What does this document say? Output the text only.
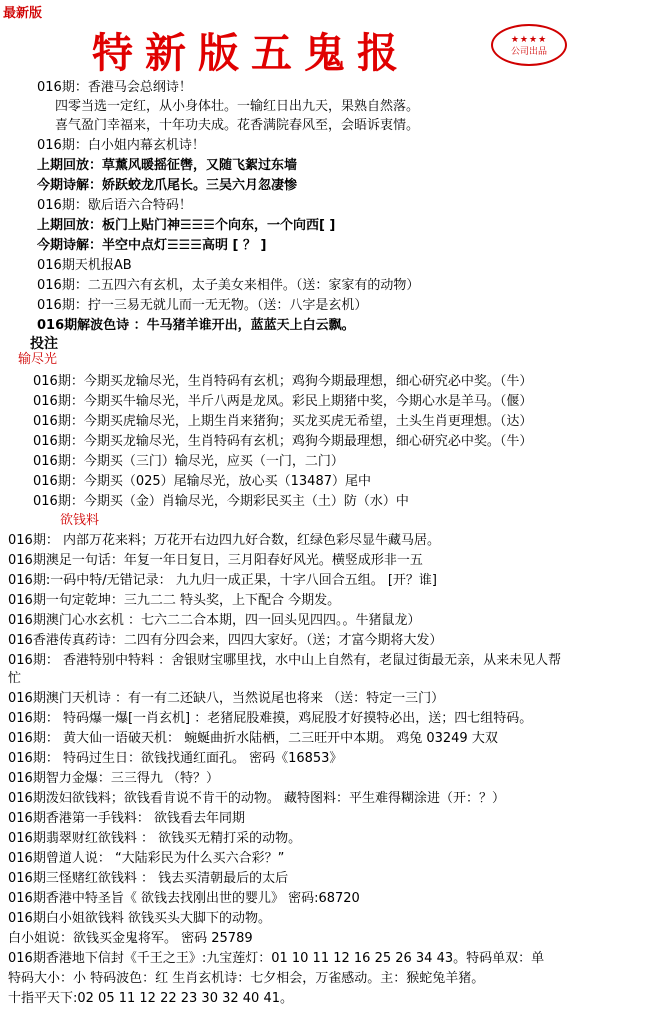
最新版
特新版五鬼报	★★★★
公司出品
016期：香港马会总纲诗！
四零当选一定红，从小身体壮。一输红日出九天，果熟自然落。
喜气盈门幸福来，十年功夫成。花香满院春风至，会晤诉衷情。
016期：白小姐内幕玄机诗！
上期回放：草薰风暖摇征辔，又随飞絮过东墙
今期诗解：娇跃蛟龙爪尾长。三吴六月忽凄惨
016期：歇后语六合特码！
上期回放：板门上贴门神☰☰☰个向东，一个向西[ ]
今期诗解：半空中点灯☰☰☰高明 [ ？ ]
016期天机报AB
016期：二五四六有玄机，太子美女来相伴。（送：家家有的动物）
016期：拧一三易无就儿而一无无物。（送：八字是玄机）
016期解波色诗 ：牛马猪羊谁开出，蓝蓝天上白云飘。
投注
输尽光
016期：今期买龙输尽光，生肖特码有玄机；鸡狗今期最理想，细心研究必中奖。（牛）
016期：今期买牛输尽光，半斤八两是龙凤。彩民上期猪中奖，今期心水是羊马。（偃）
016期：今期买虎输尽光，上期生肖来猪狗；买龙买虎无希望，土头生肖更理想。（达）
016期：今期买龙输尽光，生肖特码有玄机；鸡狗今期最理想，细心研究必中奖。（牛）
016期：今期买（三门）输尽光，应买（一门，二门）
016期：今期买（025）尾输尽光，放心买（13487）尾中
016期：今期买（金）肖输尽光，今期彩民买主（土）防（水）中
欲钱料
016期： 内部万花来料；万花开右边四九好合数，红绿色彩尽显牛藏马居。
016期澳足一句话：年复一年日复日，三月阳春好风光。横竖成形非一五
016期:一码中特/无错记录： 九九归一成正果，十字八回合五组。 [开？谁]
016期一句定乾坤：三九二二 特头奖，上下配合 今期发。
016期澳门心水玄机 ：七六二二合本期，四一回头见四四。。牛猪鼠龙）
016香港传真药诗：二四有分四会来，四四大家好。（送；才富今期将大发）
016期： 香港特别中特料 ：舍银财宝哪里找，水中山上自然有，老鼠过街最无亲，从来未见人帮
忙
016期澳门天机诗 ：有一有二还缺八，当然说尾也将来 （送：特定一三门）
016期： 特码爆一爆[一肖玄机] ：老猪屁股难摸，鸡屁股才好摸特必出，送；四七组特码。
016期： 黄大仙一语破天机： 蜿蜒曲折水陆栖，二三旺开中本期。 鸡兔 03249 大双
016期： 特码过生日：欲钱找通红面孔。 密码《16853》
016期智力金爆：三三得九 （特？）
016期泼妇欲钱料；欲钱看肯说不肯干的动物。 藏特图料：平生难得糊涂进（开：？）
016期香港第一手钱料： 欲钱看去年同期
016期翡翠财红欲钱料 ： 欲钱买无精打采的动物。
016期曾道人说： “大陆彩民为什么买六合彩？”
016期三怪赌红欲钱料 ： 钱去买清朝最后的太后
016期香港中特圣旨《 欲钱去找刚出世的婴儿》 密码:68720
016期白小姐欲钱料 欲钱买头大脚下的动物。
白小姐说：欲钱买金鬼将军。 密码 25789
016期香港地下信封《千王之王》:九宝莲灯：01 10 11 12 16 25 26 34 43。特码单双：单
特码大小：小 特码波色：红 生肖玄机诗：七夕相会，万雀感动。主：猴蛇兔羊猪。
十指平天下:02 05 11 12 22 23 30 32 40 41。
